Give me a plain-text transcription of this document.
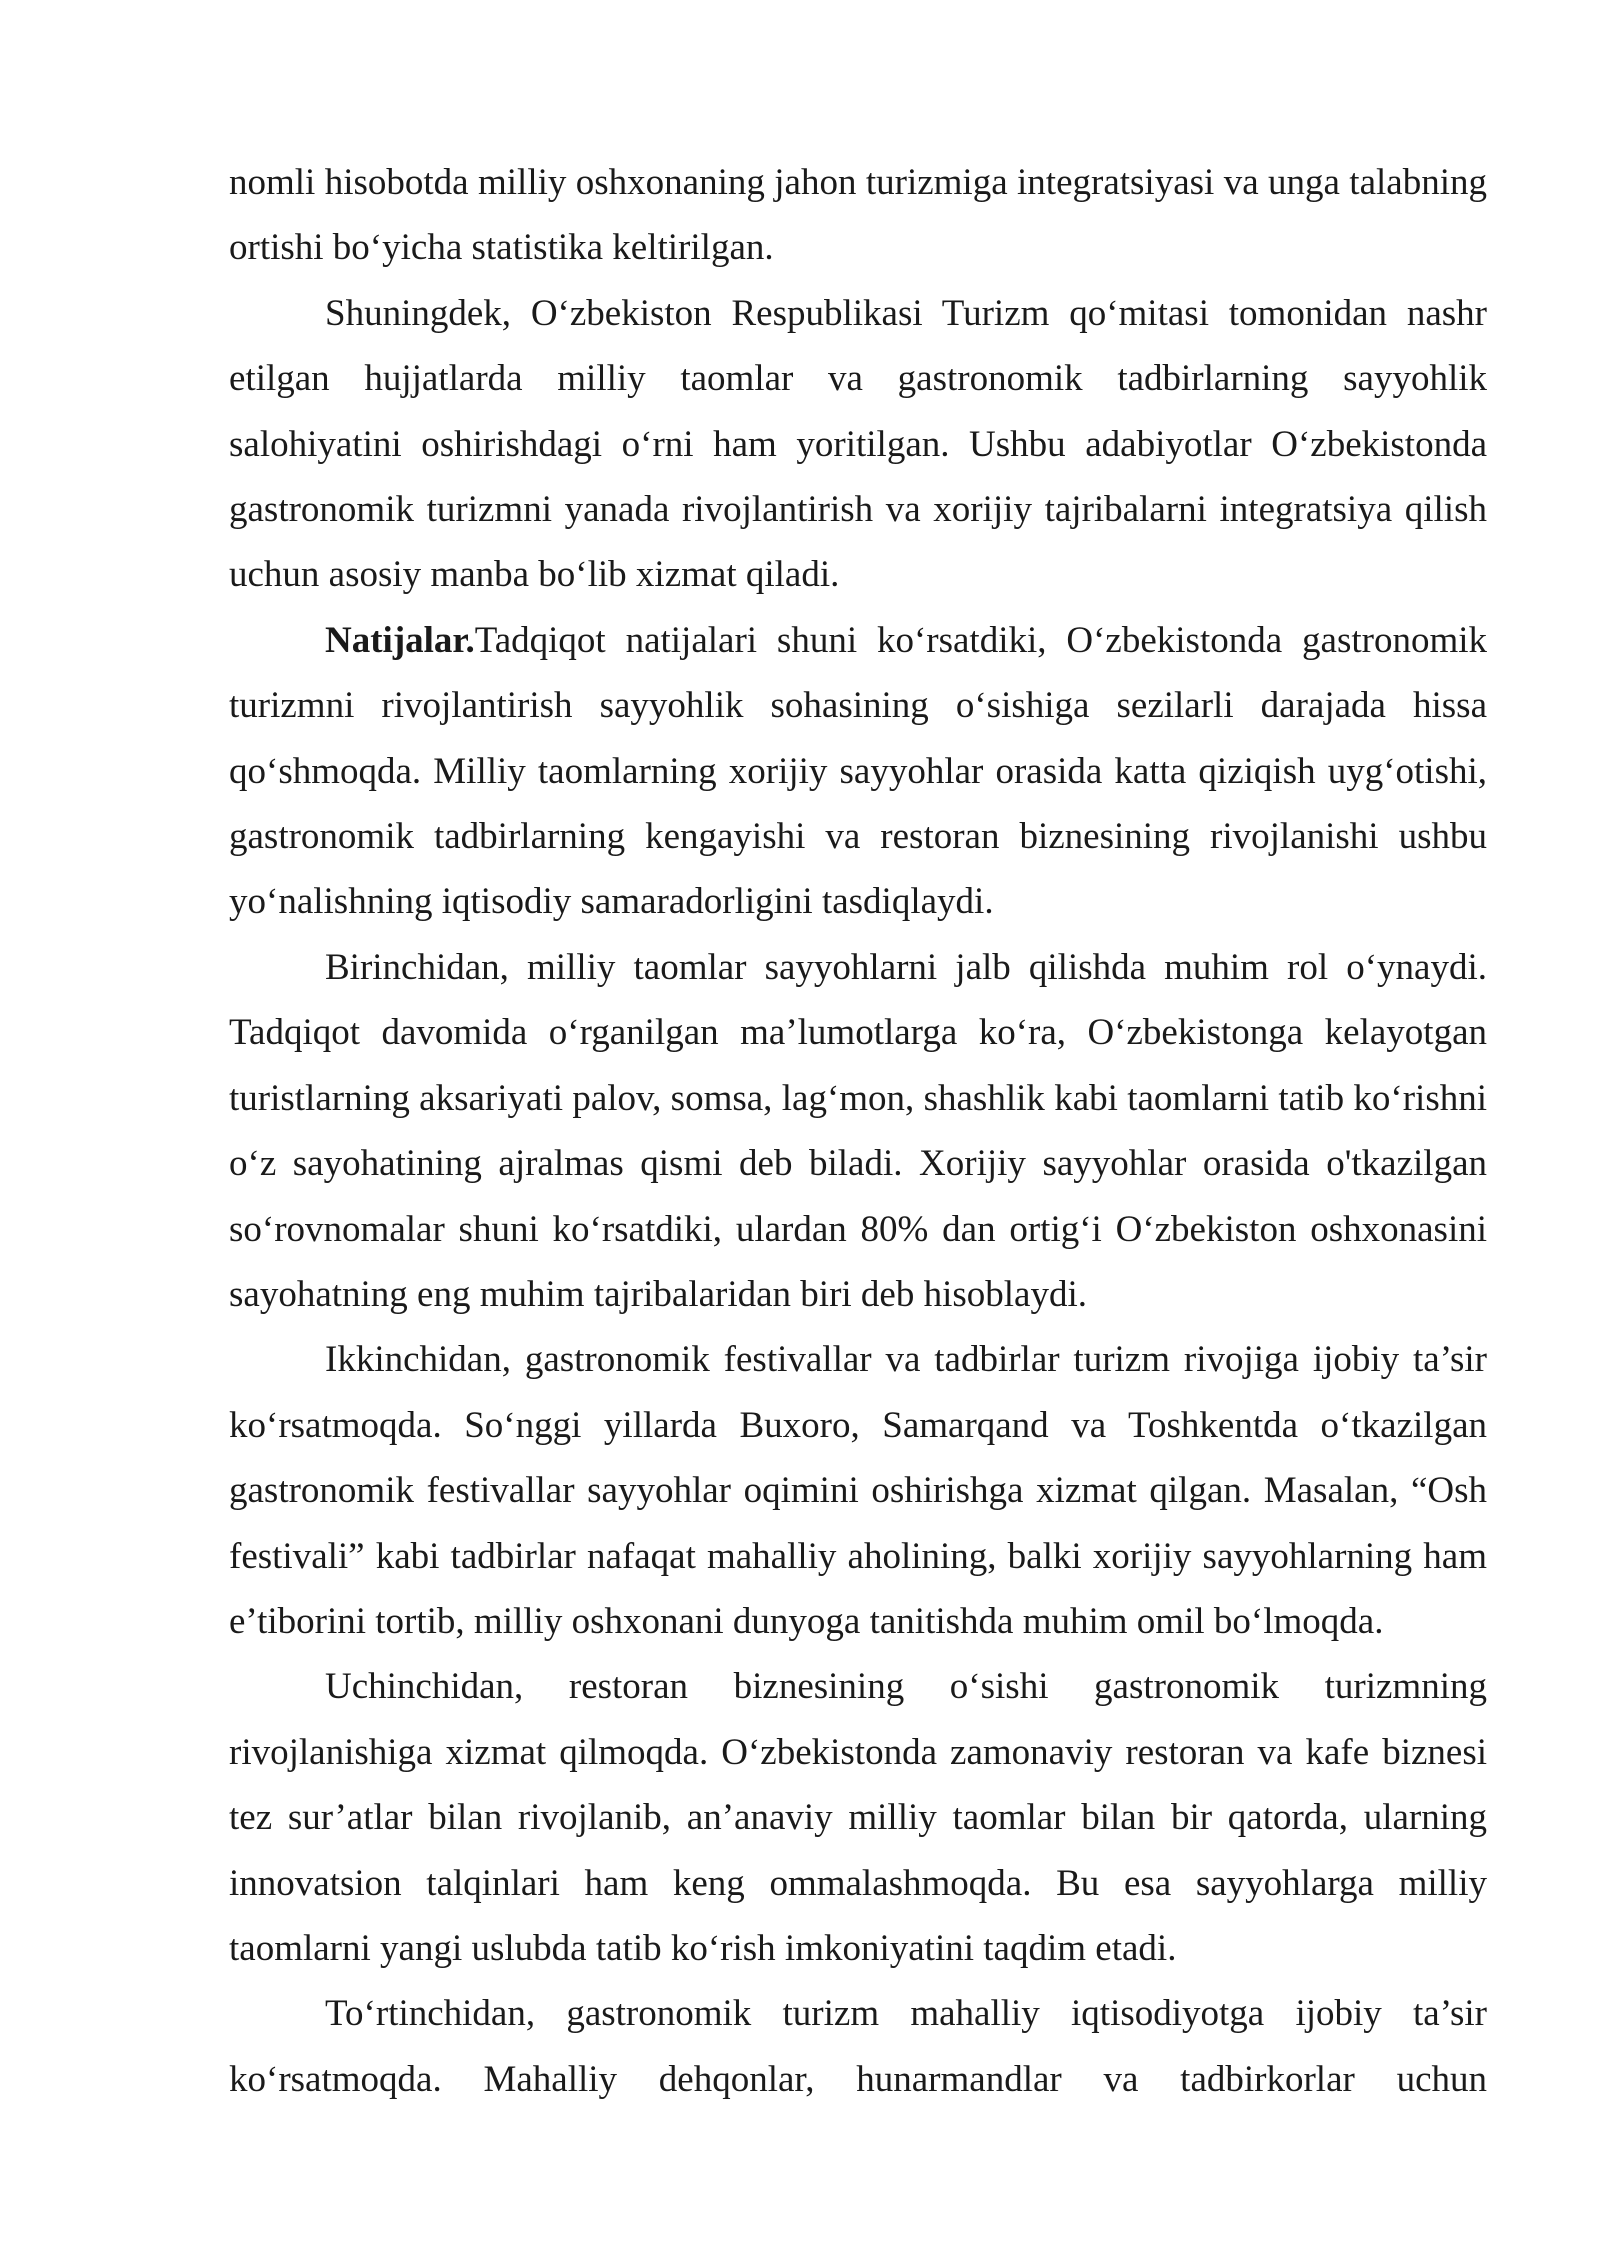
nomli hisobotda milliy oshxonaning jahon turizmiga integratsiyasi va unga talabning ortishi bo‘yicha statistika keltirilgan.

Shuningdek, O‘zbekiston Respublikasi Turizm qo‘mitasi tomonidan nashr etilgan hujjatlarda milliy taomlar va gastronomik tadbirlarning sayyohlik salohiyatini oshirishdagi o‘rni ham yoritilgan. Ushbu adabiyotlar O‘zbekistonda gastronomik turizmni yanada rivojlantirish va xorijiy tajribalarni integratsiya qilish uchun asosiy manba bo‘lib xizmat qiladi.

Natijalar.Tadqiqot natijalari shuni ko‘rsatdiki, O‘zbekistonda gastronomik turizmni rivojlantirish sayyohlik sohasining o‘sishiga sezilarli darajada hissa qo‘shmoqda. Milliy taomlarning xorijiy sayyohlar orasida katta qiziqish uyg‘otishi, gastronomik tadbirlarning kengayishi va restoran biznesining rivojlanishi ushbu yo‘nalishning iqtisodiy samaradorligini tasdiqlaydi.

Birinchidan, milliy taomlar sayyohlarni jalb qilishda muhim rol o‘ynaydi. Tadqiqot davomida o‘rganilgan ma’lumotlarga ko‘ra, O‘zbekistonga kelayotgan turistlarning aksariyati palov, somsa, lag‘mon, shashlik kabi taomlarni tatib ko‘rishni o‘z sayohatining ajralmas qismi deb biladi. Xorijiy sayyohlar orasida o'tkazilgan so‘rovnomalar shuni ko‘rsatdiki, ulardan 80% dan ortig‘i O‘zbekiston oshxonasini sayohatning eng muhim tajribalaridan biri deb hisoblaydi.

Ikkinchidan, gastronomik festivallar va tadbirlar turizm rivojiga ijobiy ta’sir ko‘rsatmoqda. So‘nggi yillarda Buxoro, Samarqand va Toshkentda o‘tkazilgan gastronomik festivallar sayyohlar oqimini oshirishga xizmat qilgan. Masalan, “Osh festivali” kabi tadbirlar nafaqat mahalliy aholining, balki xorijiy sayyohlarning ham e’tiborini tortib, milliy oshxonani dunyoga tanitishda muhim omil bo‘lmoqda.

Uchinchidan, restoran biznesining o‘sishi gastronomik turizmning rivojlanishiga xizmat qilmoqda. O‘zbekistonda zamonaviy restoran va kafe biznesi tez sur’atlar bilan rivojlanib, an’anaviy milliy taomlar bilan bir qatorda, ularning innovatsion talqinlari ham keng ommalashmoqda. Bu esa sayyohlarga milliy taomlarni yangi uslubda tatib ko‘rish imkoniyatini taqdim etadi.

To‘rtinchidan, gastronomik turizm mahalliy iqtisodiyotga ijobiy ta’sir ko‘rsatmoqda. Mahalliy dehqonlar, hunarmandlar va tadbirkorlar uchun
